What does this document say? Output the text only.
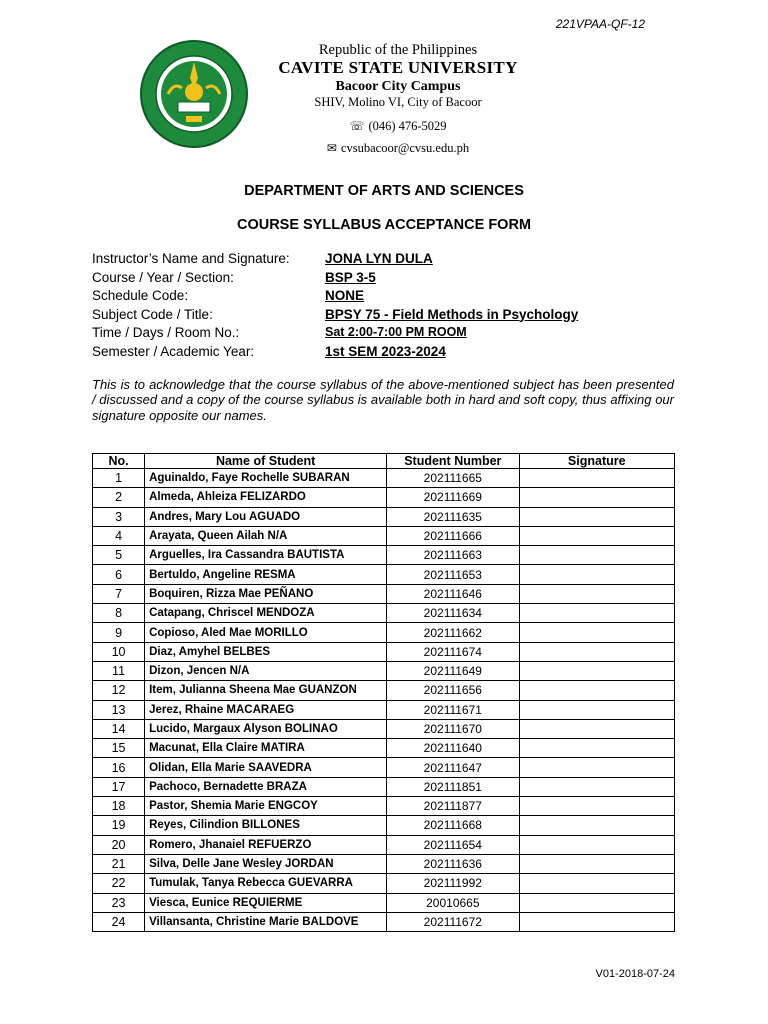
221VPAA-QF-12
Republic of the Philippines
CAVITE STATE UNIVERSITY
Bacoor City Campus
SHIV, Molino VI, City of Bacoor
☏ (046) 476-5029
✉ cvsubacoor@cvsu.edu.ph
DEPARTMENT OF ARTS AND SCIENCES
COURSE SYLLABUS ACCEPTANCE FORM
Instructor’s Name and Signature:	JONA LYN DULA
Course / Year / Section:	BSP 3-5
Schedule Code:	NONE
Subject Code / Title:	BPSY 75 - Field Methods in Psychology
Time / Days / Room No.:	Sat 2:00-7:00 PM ROOM
Semester / Academic Year:	1st SEM 2023-2024
This is to acknowledge that the course syllabus of the above-mentioned subject has been presented / discussed and a copy of the course syllabus is available both in hard and soft copy, thus affixing our signature opposite our names.
No.	Name of Student	Student Number	Signature
1	Aguinaldo, Faye Rochelle SUBARAN	202111665	
2	Almeda, Ahleiza FELIZARDO	202111669	
3	Andres, Mary Lou AGUADO	202111635	
4	Arayata, Queen Ailah N/A	202111666	
5	Arguelles, Ira Cassandra BAUTISTA	202111663	
6	Bertuldo, Angeline RESMA	202111653	
7	Boquiren, Rizza Mae PEÑANO	202111646	
8	Catapang, Chriscel MENDOZA	202111634	
9	Copioso, Aled Mae MORILLO	202111662	
10	Diaz, Amyhel BELBES	202111674	
11	Dizon, Jencen N/A	202111649	
12	Item, Julianna Sheena Mae GUANZON	202111656	
13	Jerez, Rhaine MACARAEG	202111671	
14	Lucido, Margaux Alyson BOLINAO	202111670	
15	Macunat, Ella Claire MATIRA	202111640	
16	Olidan, Ella Marie SAAVEDRA	202111647	
17	Pachoco, Bernadette BRAZA	202111851	
18	Pastor, Shemia Marie ENGCOY	202111877	
19	Reyes, Cilindion BILLONES	202111668	
20	Romero, Jhanaiel REFUERZO	202111654	
21	Silva, Delle Jane Wesley JORDAN	202111636	
22	Tumulak, Tanya Rebecca GUEVARRA	202111992	
23	Viesca, Eunice REQUIERME	20010665	
24	Villansanta, Christine Marie BALDOVE	202111672	
V01-2018-07-24
